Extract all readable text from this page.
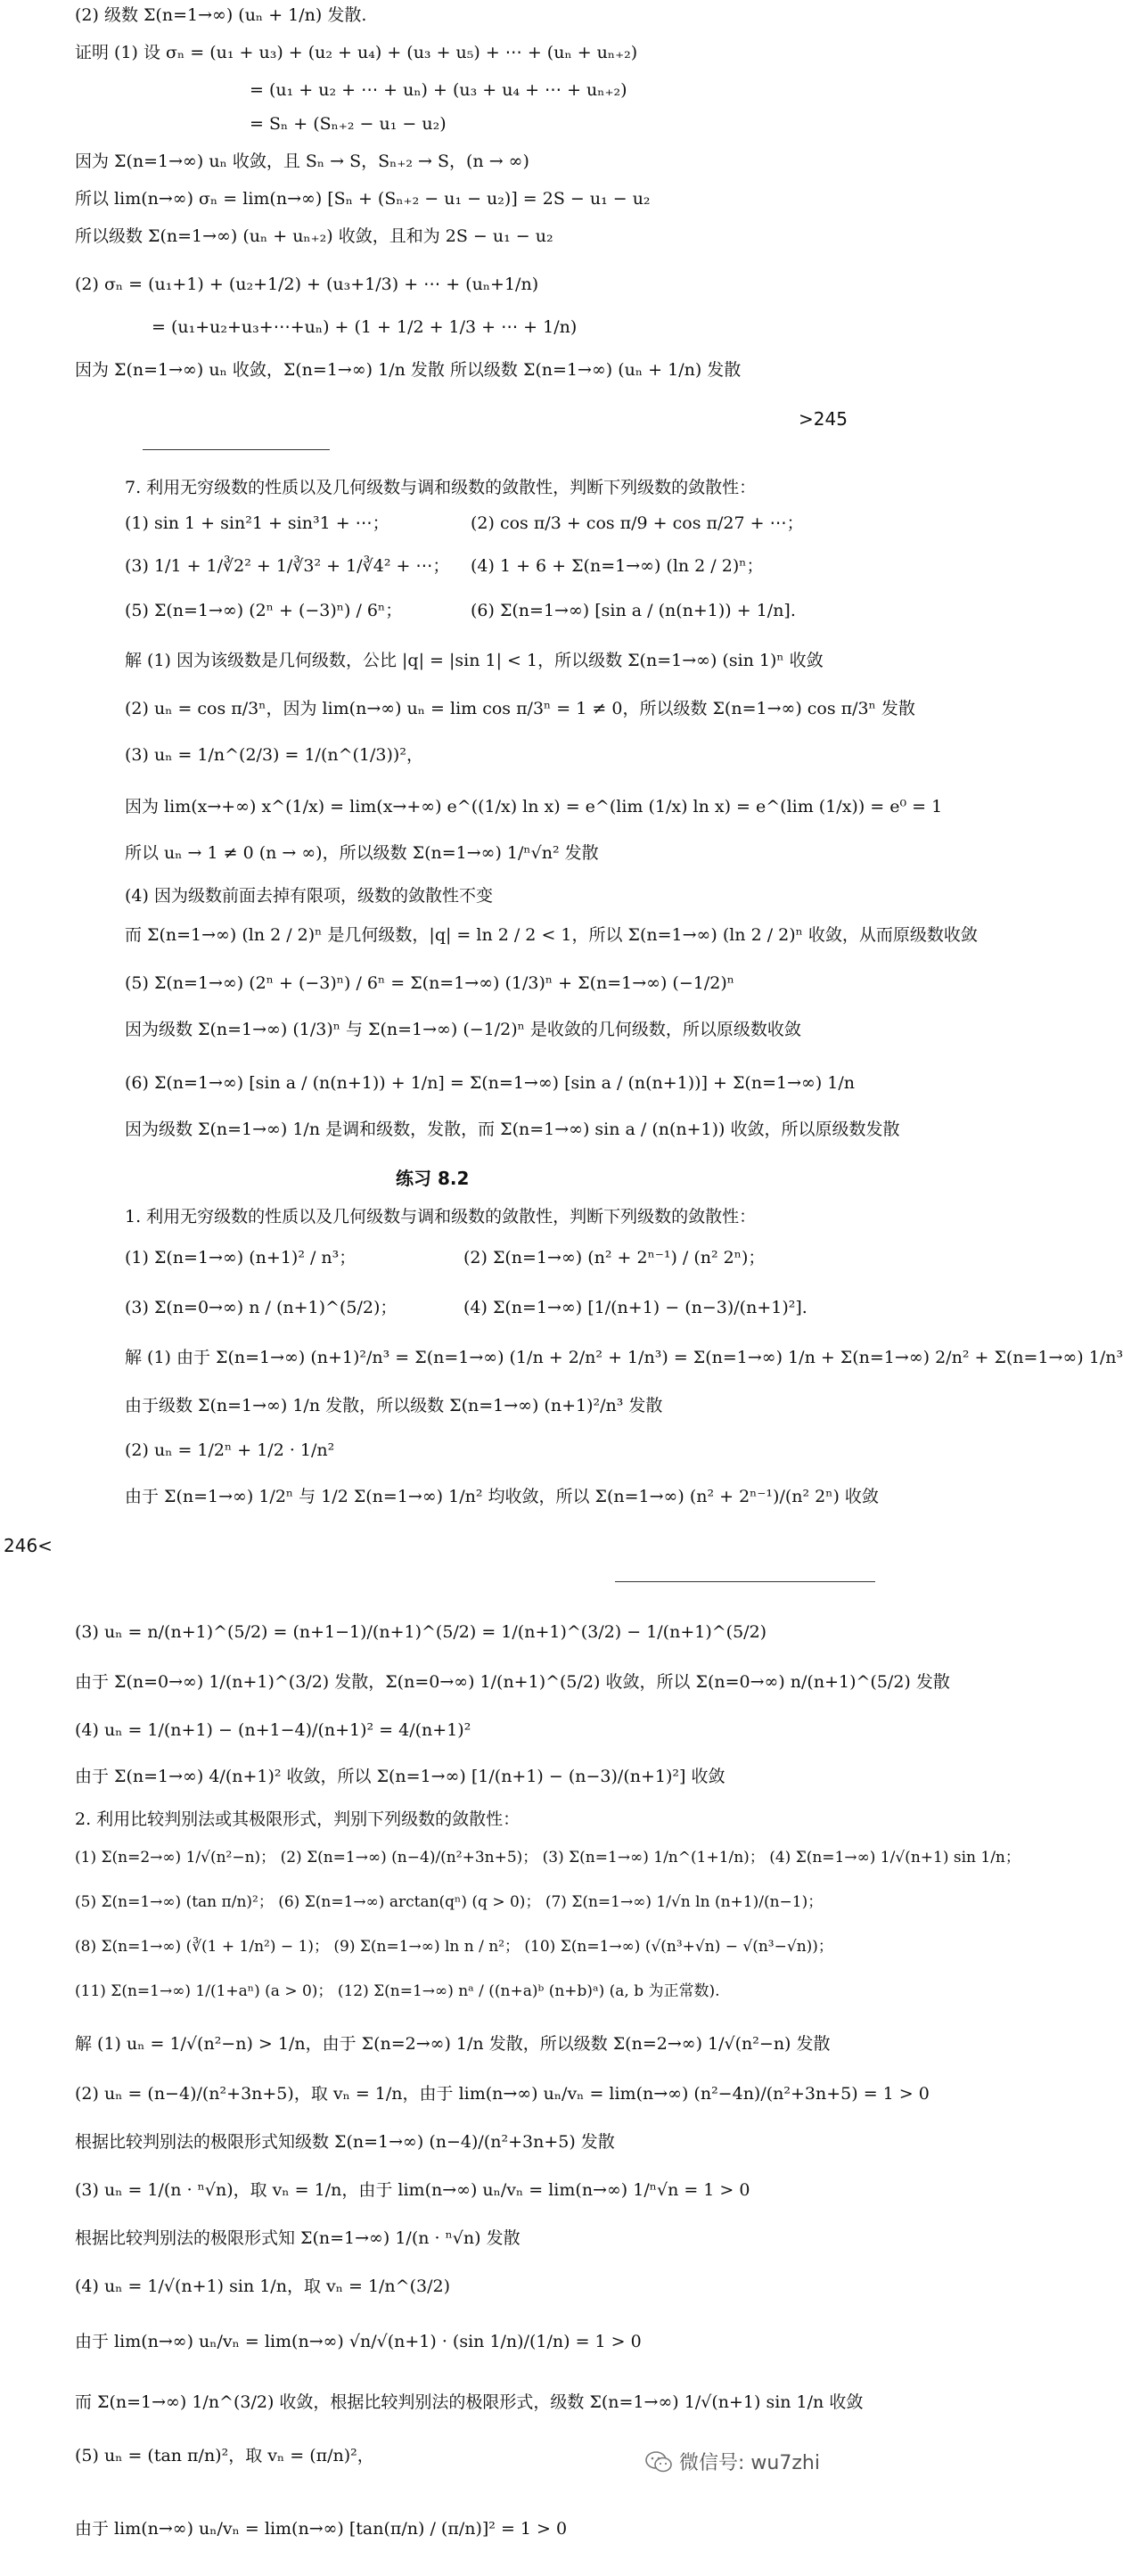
(2) 级数 Σ(n=1→∞) (uₙ + 1/n) 发散.
证明 (1) 设 σₙ = (u₁ + u₃) + (u₂ + u₄) + (u₃ + u₅) + ⋯ + (uₙ + uₙ₊₂)
= (u₁ + u₂ + ⋯ + uₙ) + (u₃ + u₄ + ⋯ + uₙ₊₂)
= Sₙ + (Sₙ₊₂ − u₁ − u₂)
因为 Σ(n=1→∞) uₙ 收敛，且 Sₙ → S，Sₙ₊₂ → S，(n → ∞)
所以 lim(n→∞) σₙ = lim(n→∞) [Sₙ + (Sₙ₊₂ − u₁ − u₂)] = 2S − u₁ − u₂
所以级数 Σ(n=1→∞) (uₙ + uₙ₊₂) 收敛，且和为 2S − u₁ − u₂
(2) σₙ = (u₁+1) + (u₂+1/2) + (u₃+1/3) + ⋯ + (uₙ+1/n)
= (u₁+u₂+u₃+⋯+uₙ) + (1 + 1/2 + 1/3 + ⋯ + 1/n)
因为 Σ(n=1→∞) uₙ 收敛，Σ(n=1→∞) 1/n 发散 所以级数 Σ(n=1→∞) (uₙ + 1/n) 发散
>245
7. 利用无穷级数的性质以及几何级数与调和级数的敛散性，判断下列级数的敛散性：
(1) sin 1 + sin²1 + sin³1 + ⋯；	(2) cos π/3 + cos π/9 + cos π/27 + ⋯；
(3) 1/1 + 1/∛2² + 1/∛3² + 1/∛4² + ⋯； (4) 1 + 6 + Σ(n=1→∞) (ln 2 / 2)ⁿ；
(5) Σ(n=1→∞) (2ⁿ + (−3)ⁿ) / 6ⁿ；	(6) Σ(n=1→∞) [sin a / (n(n+1)) + 1/n].
解 (1) 因为该级数是几何级数，公比 |q| = |sin 1| < 1，所以级数 Σ(n=1→∞) (sin 1)ⁿ 收敛
(2) uₙ = cos π/3ⁿ，因为 lim(n→∞) uₙ = lim cos π/3ⁿ = 1 ≠ 0，所以级数 Σ(n=1→∞) cos π/3ⁿ 发散
(3) uₙ = 1/n^(2/3) = 1/(n^(1/3))²，
因为 lim(x→+∞) x^(1/x) = lim(x→+∞) e^((1/x) ln x) = e^(lim (1/x) ln x) = e^(lim (1/x)) = e⁰ = 1
所以 uₙ → 1 ≠ 0 (n → ∞)，所以级数 Σ(n=1→∞) 1/ⁿ√n² 发散
(4) 因为级数前面去掉有限项，级数的敛散性不变
而 Σ(n=1→∞) (ln 2 / 2)ⁿ 是几何级数，|q| = ln 2 / 2 < 1，所以 Σ(n=1→∞) (ln 2 / 2)ⁿ 收敛，从而原级数收敛
(5) Σ(n=1→∞) (2ⁿ + (−3)ⁿ) / 6ⁿ = Σ(n=1→∞) (1/3)ⁿ + Σ(n=1→∞) (−1/2)ⁿ
因为级数 Σ(n=1→∞) (1/3)ⁿ 与 Σ(n=1→∞) (−1/2)ⁿ 是收敛的几何级数，所以原级数收敛
(6) Σ(n=1→∞) [sin a / (n(n+1)) + 1/n] = Σ(n=1→∞) [sin a / (n(n+1))] + Σ(n=1→∞) 1/n
因为级数 Σ(n=1→∞) 1/n 是调和级数，发散，而 Σ(n=1→∞) sin a / (n(n+1)) 收敛，所以原级数发散
练习 8.2
1. 利用无穷级数的性质以及几何级数与调和级数的敛散性，判断下列级数的敛散性：
(1) Σ(n=1→∞) (n+1)² / n³；	(2) Σ(n=1→∞) (n² + 2ⁿ⁻¹) / (n² 2ⁿ)；
(3) Σ(n=0→∞) n / (n+1)^(5/2)；	(4) Σ(n=1→∞) [1/(n+1) − (n−3)/(n+1)²].
解 (1) 由于 Σ(n=1→∞) (n+1)²/n³ = Σ(n=1→∞) (1/n + 2/n² + 1/n³) = Σ(n=1→∞) 1/n + Σ(n=1→∞) 2/n² + Σ(n=1→∞) 1/n³
由于级数 Σ(n=1→∞) 1/n 发散，所以级数 Σ(n=1→∞) (n+1)²/n³ 发散
(2) uₙ = 1/2ⁿ + 1/2 · 1/n²
由于 Σ(n=1→∞) 1/2ⁿ 与 1/2 Σ(n=1→∞) 1/n² 均收敛，所以 Σ(n=1→∞) (n² + 2ⁿ⁻¹)/(n² 2ⁿ) 收敛
246<
(3) uₙ = n/(n+1)^(5/2) = (n+1−1)/(n+1)^(5/2) = 1/(n+1)^(3/2) − 1/(n+1)^(5/2)
由于 Σ(n=0→∞) 1/(n+1)^(3/2) 发散，Σ(n=0→∞) 1/(n+1)^(5/2) 收敛，所以 Σ(n=0→∞) n/(n+1)^(5/2) 发散
(4) uₙ = 1/(n+1) − (n+1−4)/(n+1)² = 4/(n+1)²
由于 Σ(n=1→∞) 4/(n+1)² 收敛，所以 Σ(n=1→∞) [1/(n+1) − (n−3)/(n+1)²] 收敛
2. 利用比较判别法或其极限形式，判别下列级数的敛散性：
(1) Σ(n=2→∞) 1/√(n²−n)； (2) Σ(n=1→∞) (n−4)/(n²+3n+5)； (3) Σ(n=1→∞) 1/n^(1+1/n)； (4) Σ(n=1→∞) 1/√(n+1) sin 1/n；
(5) Σ(n=1→∞) (tan π/n)²； (6) Σ(n=1→∞) arctan(qⁿ) (q > 0)； (7) Σ(n=1→∞) 1/√n ln (n+1)/(n−1)；
(8) Σ(n=1→∞) (∛(1 + 1/n²) − 1)； (9) Σ(n=1→∞) ln n / n²； (10) Σ(n=1→∞) (√(n³+√n) − √(n³−√n))；
(11) Σ(n=1→∞) 1/(1+aⁿ) (a > 0)； (12) Σ(n=1→∞) nᵃ / ((n+a)ᵇ (n+b)ᵃ) (a, b 为正常数).
解 (1) uₙ = 1/√(n²−n) > 1/n，由于 Σ(n=2→∞) 1/n 发散，所以级数 Σ(n=2→∞) 1/√(n²−n) 发散
(2) uₙ = (n−4)/(n²+3n+5)，取 vₙ = 1/n，由于 lim(n→∞) uₙ/vₙ = lim(n→∞) (n²−4n)/(n²+3n+5) = 1 > 0
根据比较判别法的极限形式知级数 Σ(n=1→∞) (n−4)/(n²+3n+5) 发散
(3) uₙ = 1/(n · ⁿ√n)，取 vₙ = 1/n，由于 lim(n→∞) uₙ/vₙ = lim(n→∞) 1/ⁿ√n = 1 > 0
根据比较判别法的极限形式知 Σ(n=1→∞) 1/(n · ⁿ√n) 发散
(4) uₙ = 1/√(n+1) sin 1/n，取 vₙ = 1/n^(3/2)
由于 lim(n→∞) uₙ/vₙ = lim(n→∞) √n/√(n+1) · (sin 1/n)/(1/n) = 1 > 0
而 Σ(n=1→∞) 1/n^(3/2) 收敛，根据比较判别法的极限形式，级数 Σ(n=1→∞) 1/√(n+1) sin 1/n 收敛
(5) uₙ = (tan π/n)²，取 vₙ = (π/n)²，
由于 lim(n→∞) uₙ/vₙ = lim(n→∞) [tan(π/n) / (π/n)]² = 1 > 0
微信号: wu7zhi
